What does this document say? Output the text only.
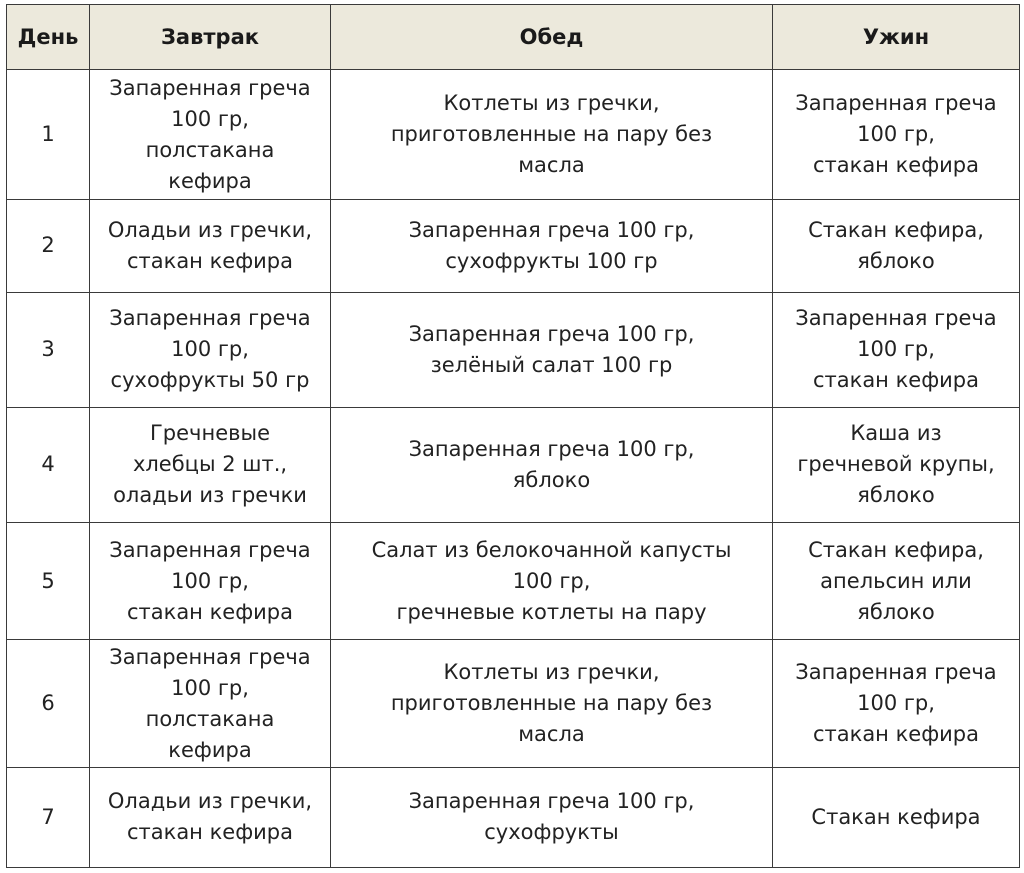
День	Завтрак	Обед	Ужин
1	Запаренная греча
100 гр,
полстакана
кефира	Котлеты из гречки,
приготовленные на пару без
масла	Запаренная греча
100 гр,
стакан кефира
2	Оладьи из гречки,
стакан кефира	Запаренная греча 100 гр,
сухофрукты 100 гр	Стакан кефира,
яблоко
3	Запаренная греча
100 гр,
сухофрукты 50 гр	Запаренная греча 100 гр,
зелёный салат 100 гр	Запаренная греча
100 гр,
стакан кефира
4	Гречневые
хлебцы 2 шт.,
оладьи из гречки	Запаренная греча 100 гр,
яблоко	Каша из
гречневой крупы,
яблоко
5	Запаренная греча
100 гр,
стакан кефира	Салат из белокочанной капусты
100 гр,
гречневые котлеты на пару	Стакан кефира,
апельсин или
яблоко
6	Запаренная греча
100 гр,
полстакана
кефира	Котлеты из гречки,
приготовленные на пару без
масла	Запаренная греча
100 гр,
стакан кефира
7	Оладьи из гречки,
стакан кефира	Запаренная греча 100 гр,
сухофрукты	Стакан кефира
